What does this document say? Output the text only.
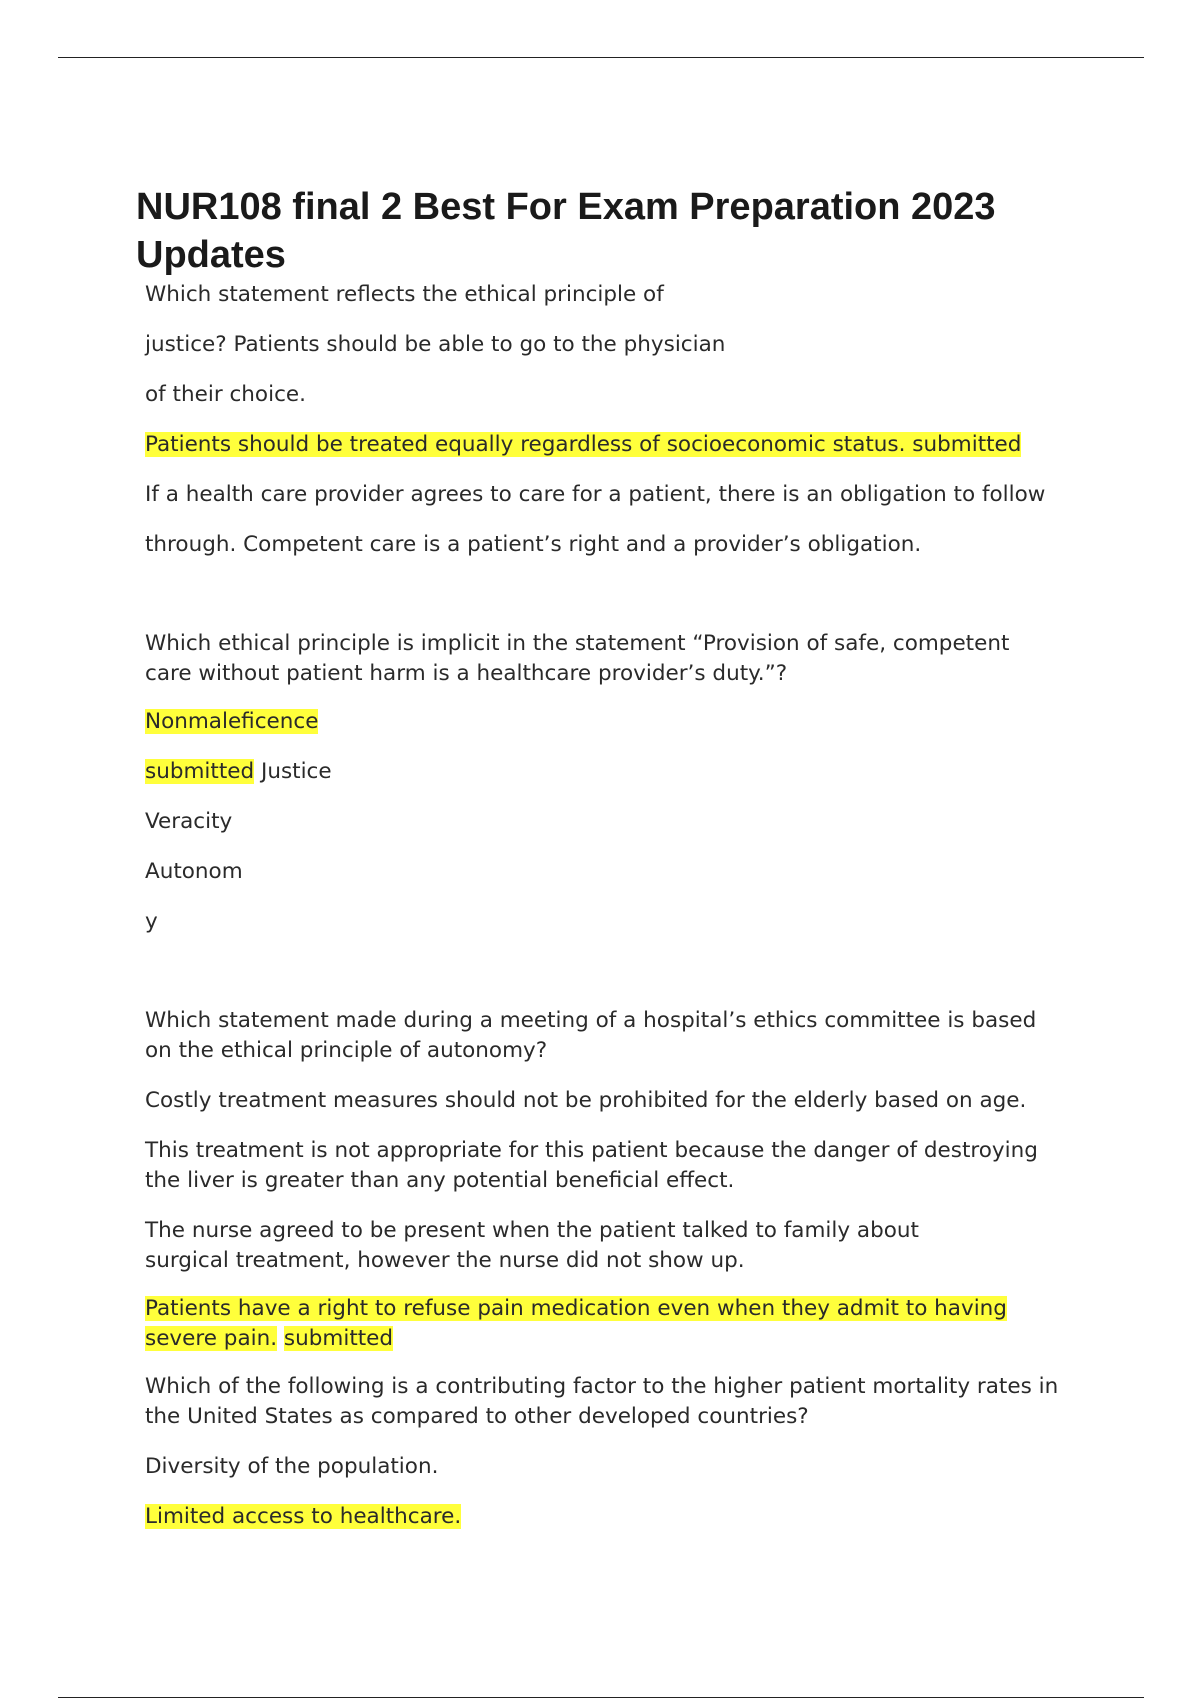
NUR108 final 2 Best For Exam Preparation 2023
Updates

Which statement reflects the ethical principle of

justice? Patients should be able to go to the physician

of their choice.

Patients should be treated equally regardless of socioeconomic status. submitted

If a health care provider agrees to care for a patient, there is an obligation to follow

through. Competent care is a patient’s right and a provider’s obligation.

Which ethical principle is implicit in the statement “Provision of safe, competent

care without patient harm is a healthcare provider’s duty.”?

Nonmaleficence

submitted Justice

Veracity

Autonom

y

Which statement made during a meeting of a hospital’s ethics committee is based

on the ethical principle of autonomy?

Costly treatment measures should not be prohibited for the elderly based on age.

This treatment is not appropriate for this patient because the danger of destroying

the liver is greater than any potential beneficial effect.

The nurse agreed to be present when the patient talked to family about

surgical treatment, however the nurse did not show up.

Patients have a right to refuse pain medication even when they admit to having

severe pain. submitted

Which of the following is a contributing factor to the higher patient mortality rates in

the United States as compared to other developed countries?

Diversity of the population.

Limited access to healthcare.
